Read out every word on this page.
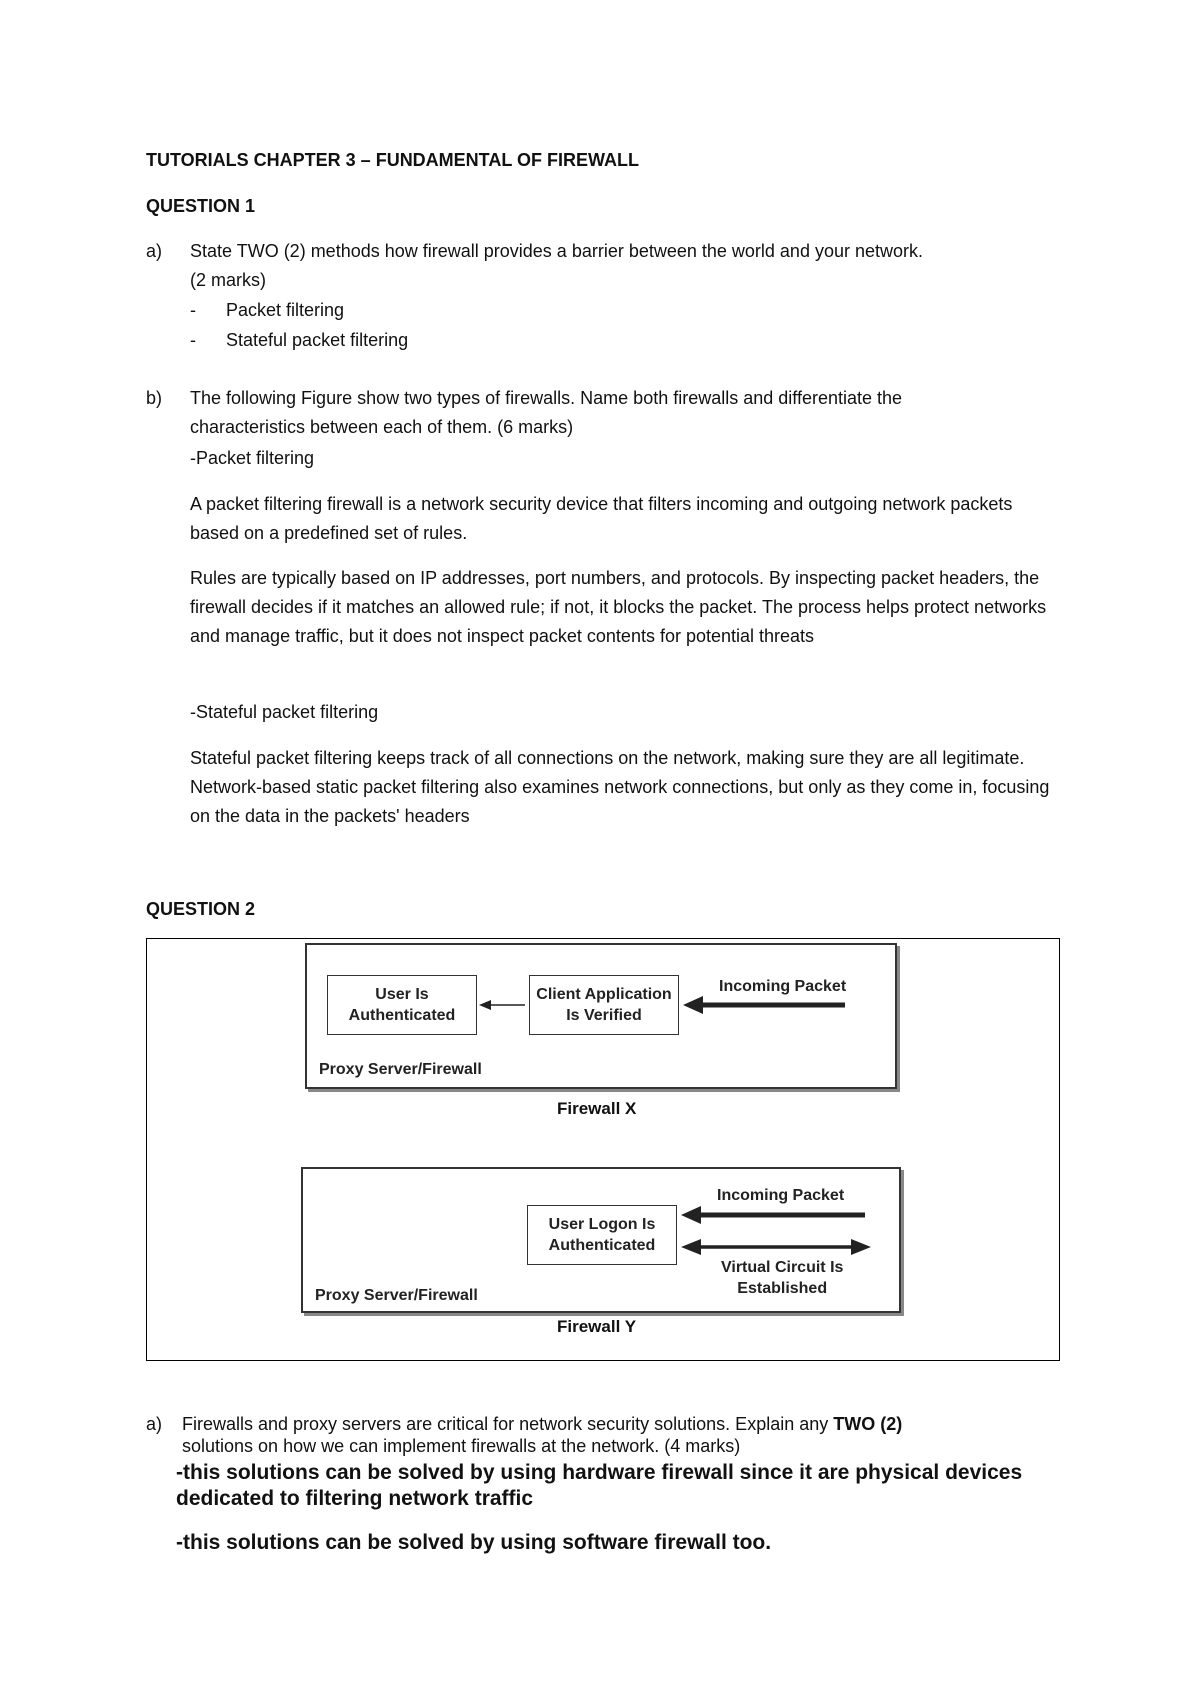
TUTORIALS CHAPTER 3 – FUNDAMENTAL OF FIREWALL
QUESTION 1
a) State TWO (2) methods how firewall provides a barrier between the world and your network.
(2 marks)
- Packet filtering
- Stateful packet filtering
b) The following Figure show two types of firewalls. Name both firewalls and differentiate the
characteristics between each of them. (6 marks)
-Packet filtering
A packet filtering firewall is a network security device that filters incoming and outgoing network packets based on a predefined set of rules.
Rules are typically based on IP addresses, port numbers, and protocols. By inspecting packet headers, the firewall decides if it matches an allowed rule; if not, it blocks the packet. The process helps protect networks and manage traffic, but it does not inspect packet contents for potential threats
-Stateful packet filtering
Stateful packet filtering keeps track of all connections on the network, making sure they are all legitimate. Network-based static packet filtering also examines network connections, but only as they come in, focusing on the data in the packets' headers
QUESTION 2
User Is
Authenticated
Client Application
Is Verified
Incoming Packet
Proxy Server/Firewall
Firewall X
User Logon Is
Authenticated
Incoming Packet
Virtual Circuit Is
Established
Proxy Server/Firewall
Firewall Y
a) Firewalls and proxy servers are critical for network security solutions. Explain any TWO (2)
solutions on how we can implement firewalls at the network. (4 marks)
-this solutions can be solved by using hardware firewall since it are physical devices
dedicated to filtering network traffic
-this solutions can be solved by using software firewall too.
